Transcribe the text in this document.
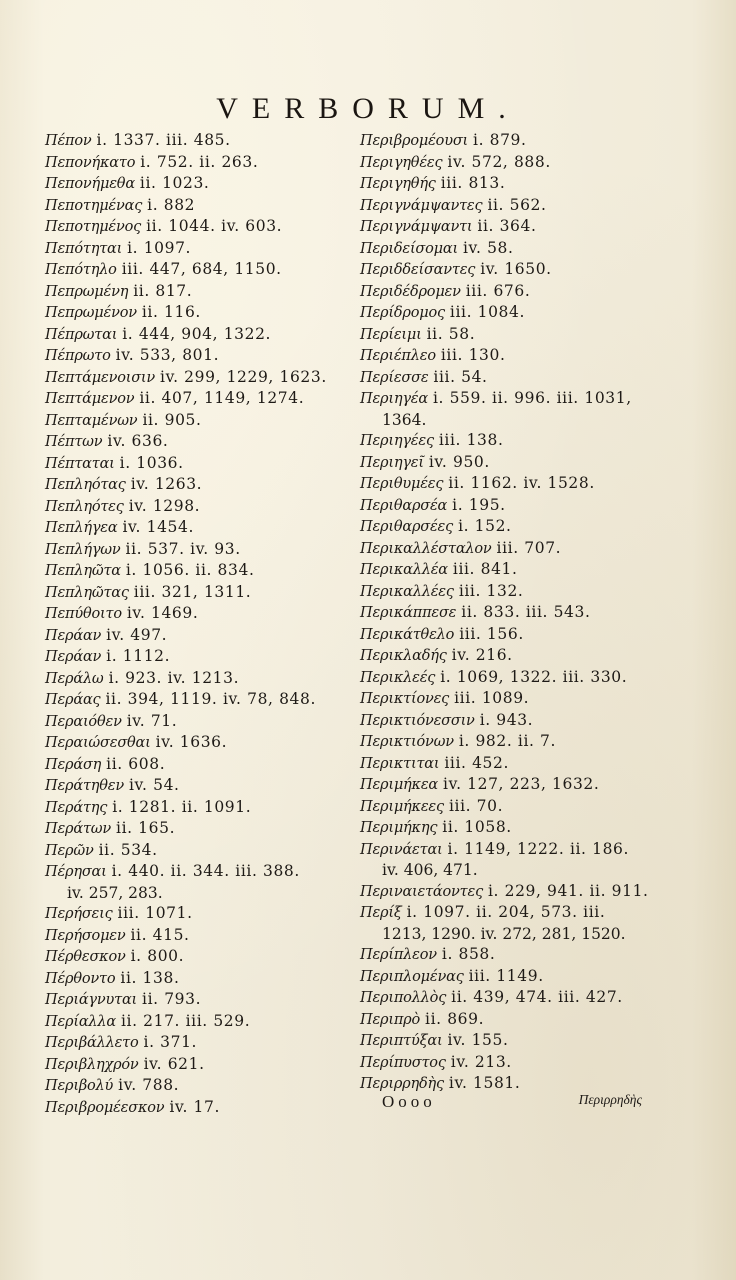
VERBORUM.
Πέπον i. 1337. iii. 485.
Πεπονήκατο i. 752. ii. 263.
Πεπονήμεθα ii. 1023.
Πεποτημένας i. 882
Πεποτημένος ii. 1044. iv. 603.
Πεπότηται i. 1097.
Πεπότηλο iii. 447, 684, 1150.
Πεπρωμένη ii. 817.
Πεπρωμένον ii. 116.
Πέπρωται i. 444, 904, 1322.
Πέπρωτο iv. 533, 801.
Πεπτάμενοισιν iv. 299, 1229, 1623.
Πεπτάμενον ii. 407, 1149, 1274.
Πεπταμένων ii. 905.
Πέπτων iv. 636.
Πέπταται i. 1036.
Πεπληότας iv. 1263.
Πεπληότες iv. 1298.
Πεπλήγεα iv. 1454.
Πεπλήγων ii. 537. iv. 93.
Πεπληῶτα i. 1056. ii. 834.
Πεπληῶτας iii. 321, 1311.
Πεπύθοιτο iv. 1469.
Περάαν iv. 497.
Περάαν i. 1112.
Περάλω i. 923. iv. 1213.
Περάας ii. 394, 1119. iv. 78, 848.
Περαιόθεν iv. 71.
Περαιώσεσθαι iv. 1636.
Περάση ii. 608.
Περάτηθεν iv. 54.
Περάτης i. 1281. ii. 1091.
Περάτων ii. 165.
Περῶν ii. 534.
Πέρησαι i. 440. ii. 344. iii. 388.
iv. 257, 283.
Περήσεις iii. 1071.
Περήσομεν ii. 415.
Πέρθεσκον i. 800.
Πέρθοντο ii. 138.
Περιάγνυται ii. 793.
Περίαλλα ii. 217. iii. 529.
Περιβάλλετο i. 371.
Περιβληχρόν iv. 621.
Περιβολύ iv. 788.
Περιβρομέεσκον iv. 17.
Περιβρομέουσι i. 879.
Περιγηθέες iv. 572, 888.
Περιγηθής iii. 813.
Περιγνάμψαντες ii. 562.
Περιγνάμψαντι ii. 364.
Περιδείσομαι iv. 58.
Περιδδείσαντες iv. 1650.
Περιδέδρομεν iii. 676.
Περίδρομος iii. 1084.
Περίειμι ii. 58.
Περιέπλεο iii. 130.
Περίεσσε iii. 54.
Περιηγέα i. 559. ii. 996. iii. 1031,
1364.
Περιηγέες iii. 138.
Περιηγεῖ iv. 950.
Περιθυμέες ii. 1162. iv. 1528.
Περιθαρσέα i. 195.
Περιθαρσέες i. 152.
Περικαλλέσταλον iii. 707.
Περικαλλέα iii. 841.
Περικαλλέες iii. 132.
Περικάππεσε ii. 833. iii. 543.
Περικάτθελο iii. 156.
Περικλαδής iv. 216.
Περικλεές i. 1069, 1322. iii. 330.
Περικτίονες iii. 1089.
Περικτιόνεσσιν i. 943.
Περικτιόνων i. 982. ii. 7.
Περικτιται iii. 452.
Περιμήκεα iv. 127, 223, 1632.
Περιμήκεες iii. 70.
Περιμήκης ii. 1058.
Περινάεται i. 1149, 1222. ii. 186.
iv. 406, 471.
Περιναιετάοντες i. 229, 941. ii. 911.
Περίξ i. 1097. ii. 204, 573. iii.
1213, 1290. iv. 272, 281, 1520.
Περίπλεον i. 858.
Περιπλομένας iii. 1149.
Περιπολλὸς ii. 439, 474. iii. 427.
Περιπρὸ ii. 869.
Περιπτύξαι iv. 155.
Περίπυστος iv. 213.
Περιρρηδὴς iv. 1581.
Oooo	Περιρρηδὴς
